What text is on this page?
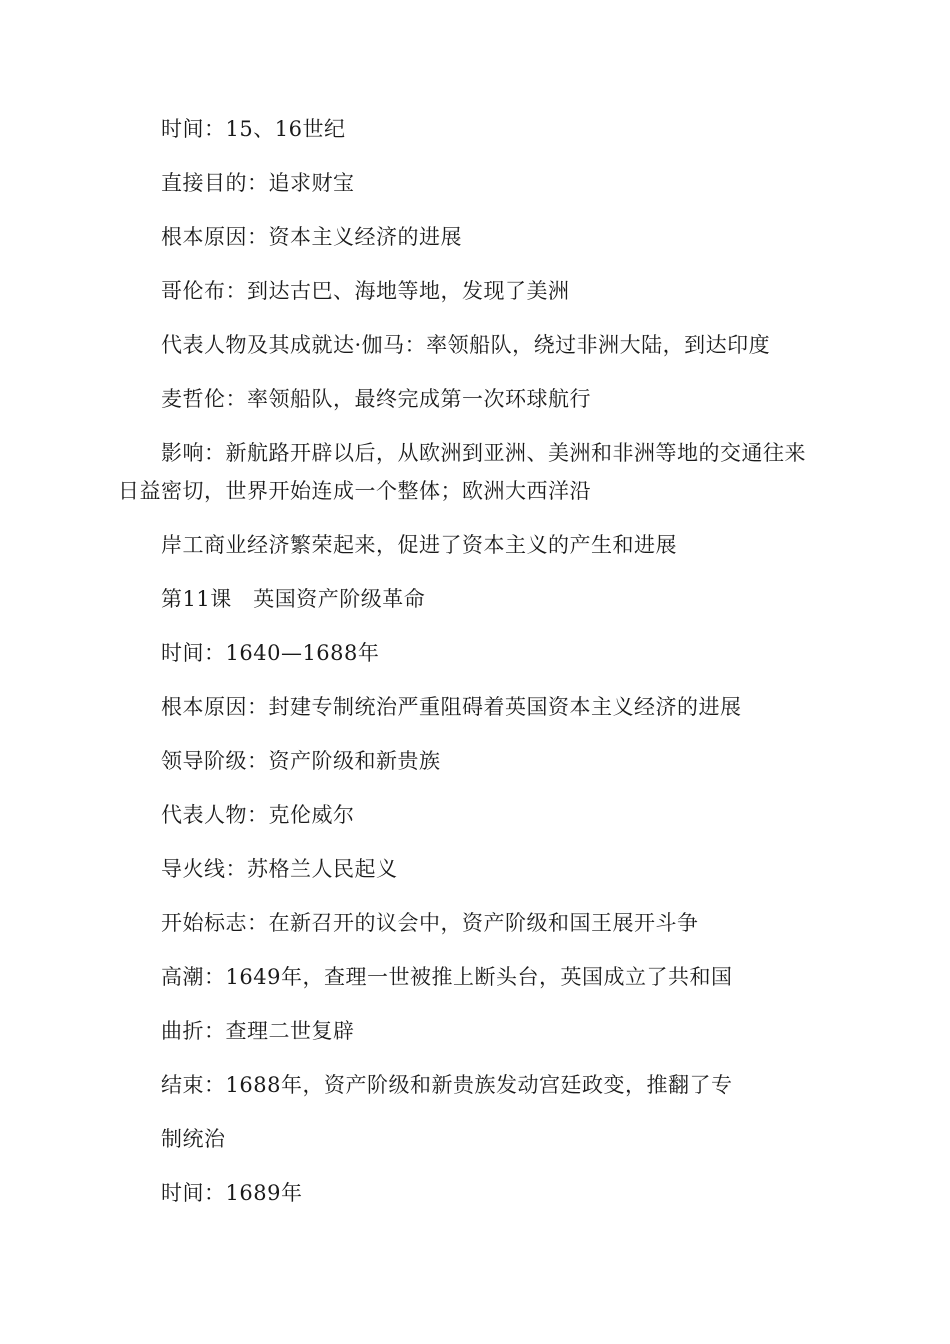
时间：15、16世纪
直接目的：追求财宝
根本原因：资本主义经济的进展
哥伦布：到达古巴、海地等地，发现了美洲
代表人物及其成就达·伽马：率领船队，绕过非洲大陆，到达印度
麦哲伦：率领船队，最终完成第一次环球航行
影响：新航路开辟以后，从欧洲到亚洲、美洲和非洲等地的交通往来
日益密切，世界开始连成一个整体；欧洲大西洋沿
岸工商业经济繁荣起来，促进了资本主义的产生和进展
第11课　英国资产阶级革命
时间：1640—1688年
根本原因：封建专制统治严重阻碍着英国资本主义经济的进展
领导阶级：资产阶级和新贵族
代表人物：克伦威尔
导火线：苏格兰人民起义
开始标志：在新召开的议会中，资产阶级和国王展开斗争
高潮：1649年，查理一世被推上断头台，英国成立了共和国
曲折：查理二世复辟
结束：1688年，资产阶级和新贵族发动宫廷政变，推翻了专
制统治
时间：1689年
